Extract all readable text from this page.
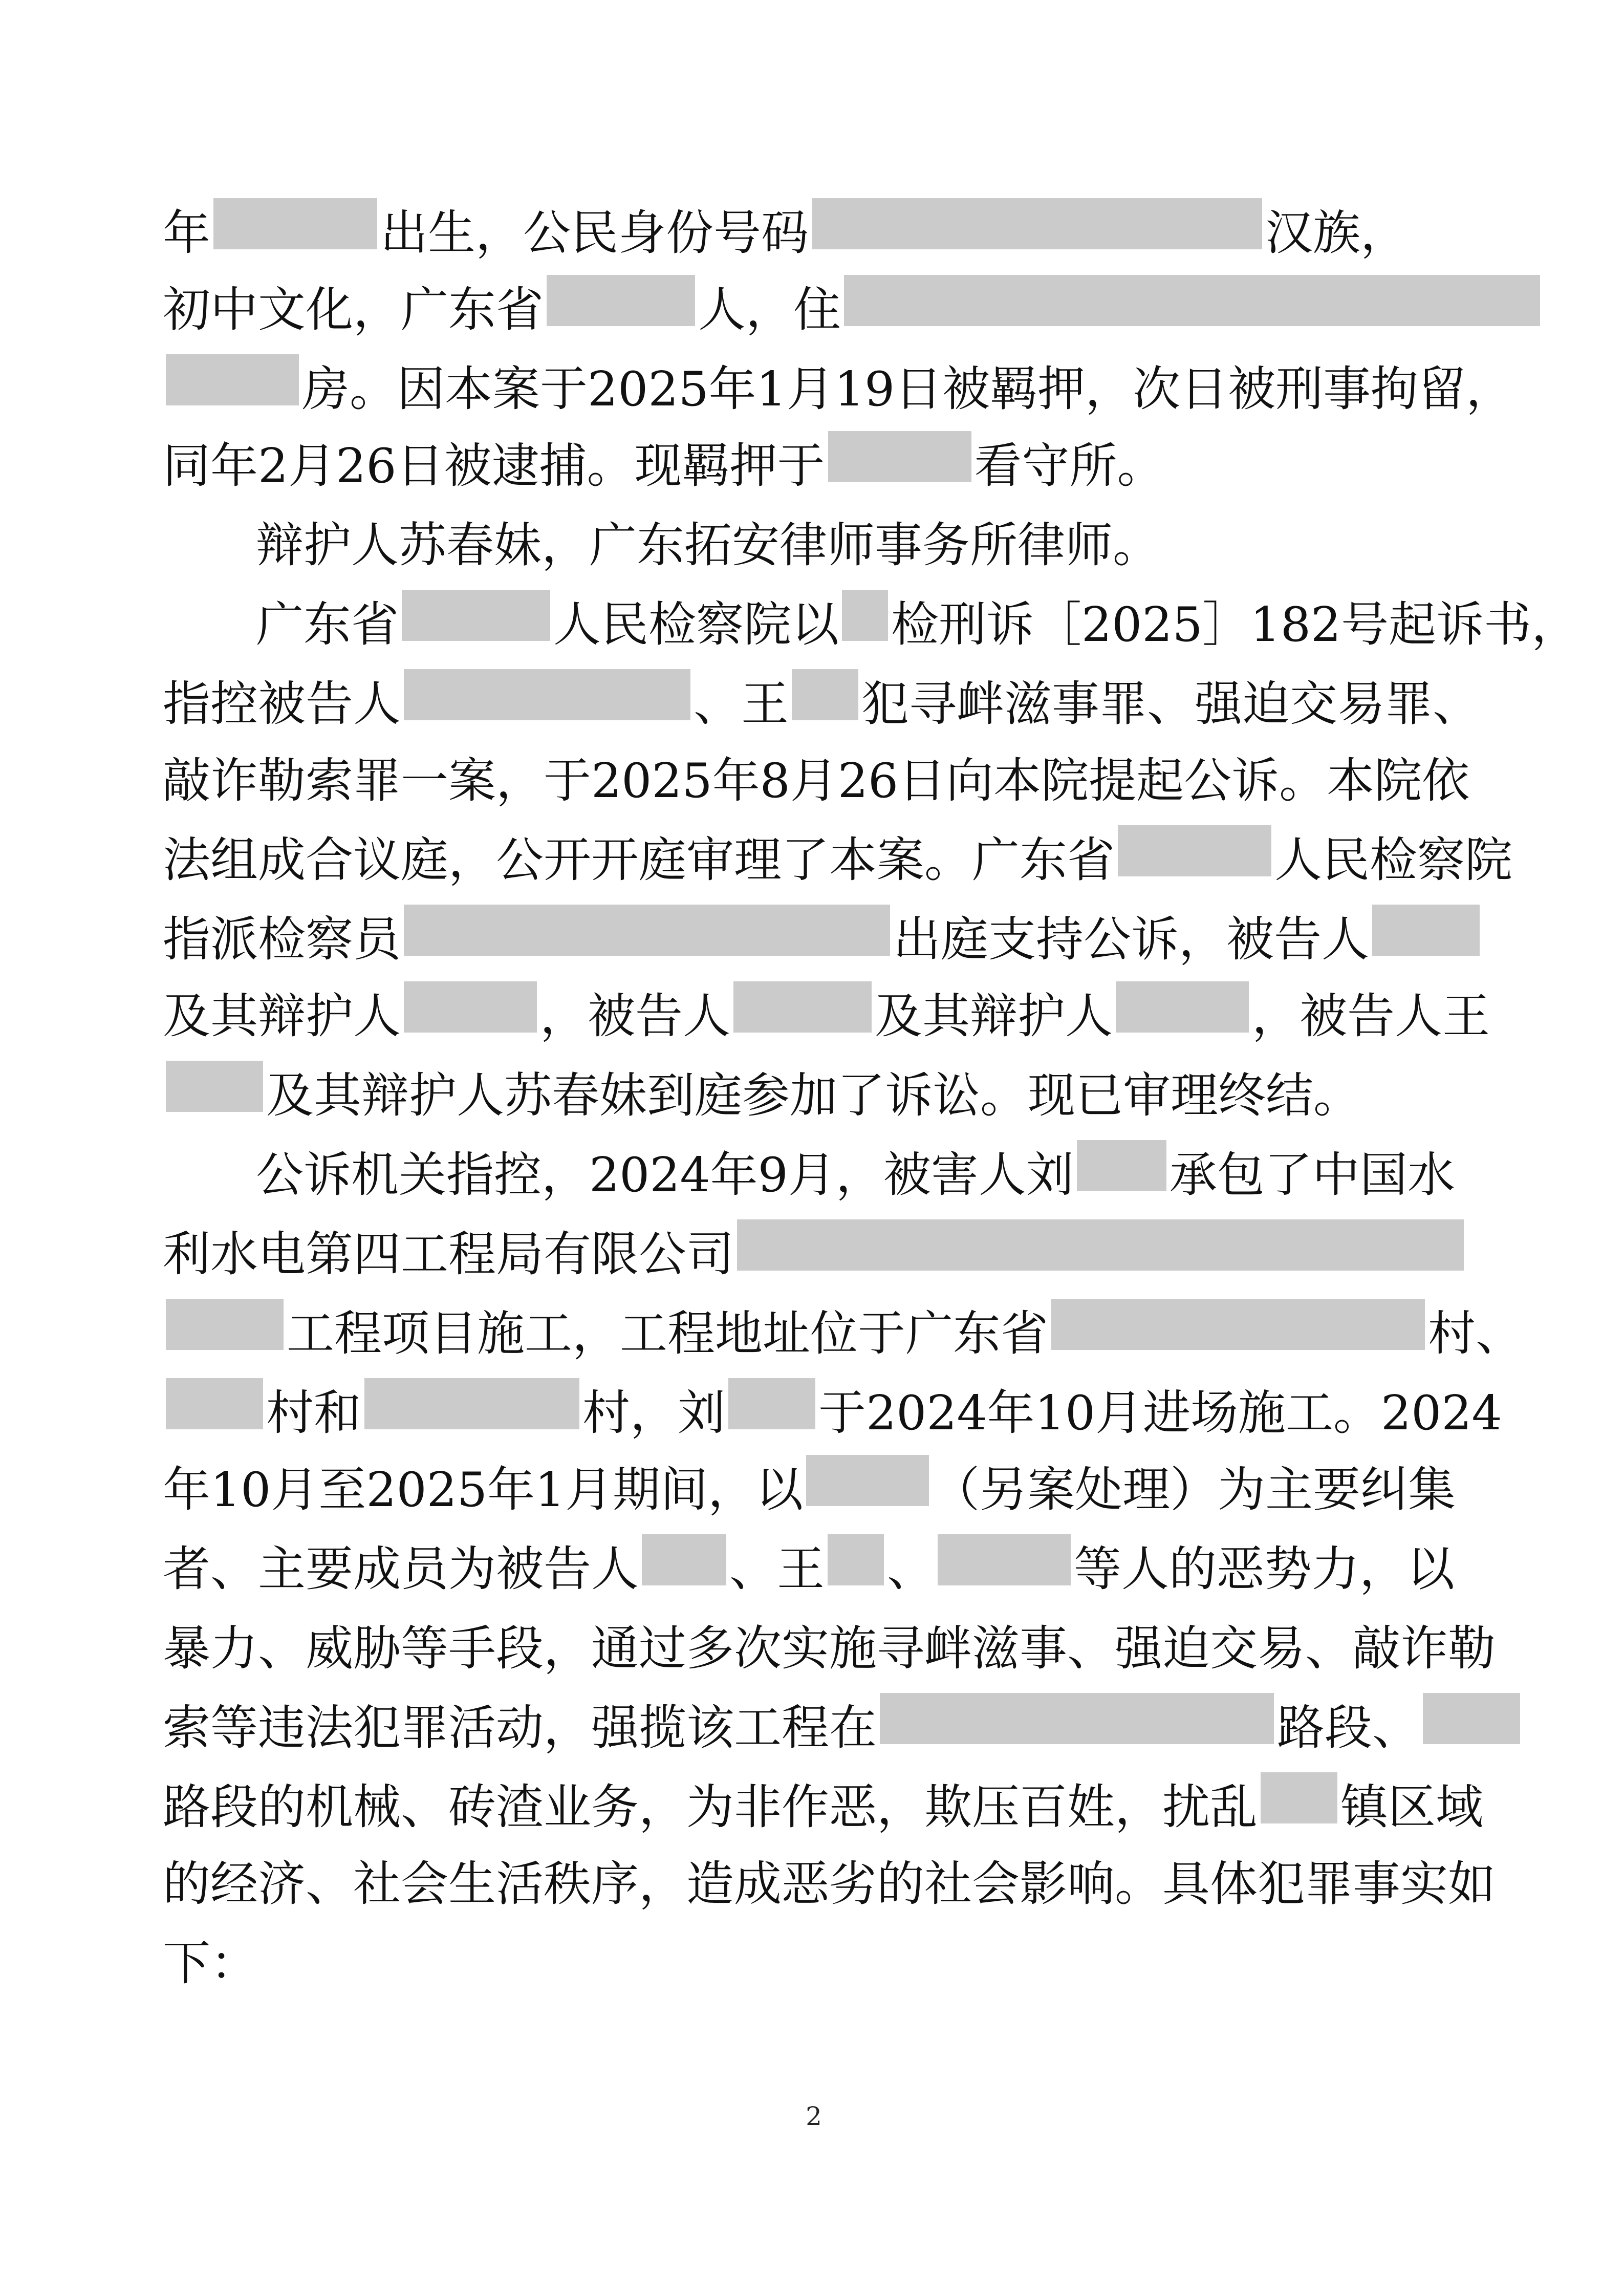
年	出生，公民身份号码	汉族，
初中文化，广东省	人，住
房。因本案于2025年1月19日被羁押，次日被刑事拘留，
同年2月26日被逮捕。现羁押于	看守所。
辩护人苏春妹，广东拓安律师事务所律师。
广东省	人民检察院以 检刑诉［2025］182号起诉书，
指控被告人	、王 犯寻衅滋事罪、强迫交易罪、
敲诈勒索罪一案，于2025年8月26日向本院提起公诉。本院依
法组成合议庭，公开开庭审理了本案。广东省	人民检察院
指派检察员	出庭支持公诉，被告人
及其辩护人	，被告人	及其辩护人	，被告人王
及其辩护人苏春妹到庭参加了诉讼。现已审理终结。
公诉机关指控，2024年9月，被害人刘 承包了中国水
利水电第四工程局有限公司
工程项目施工，工程地址位于广东省	村、
村和	村，刘 于2024年10月进场施工。2024
年10月至2025年1月期间，以	（另案处理）为主要纠集
者、主要成员为被告人 、王 、	等人的恶势力，以
暴力、威胁等手段，通过多次实施寻衅滋事、强迫交易、敲诈勒
索等违法犯罪活动，强揽该工程在	路段、
路段的机械、砖渣业务，为非作恶，欺压百姓，扰乱 镇区域
的经济、社会生活秩序，造成恶劣的社会影响。具体犯罪事实如
下：
2
